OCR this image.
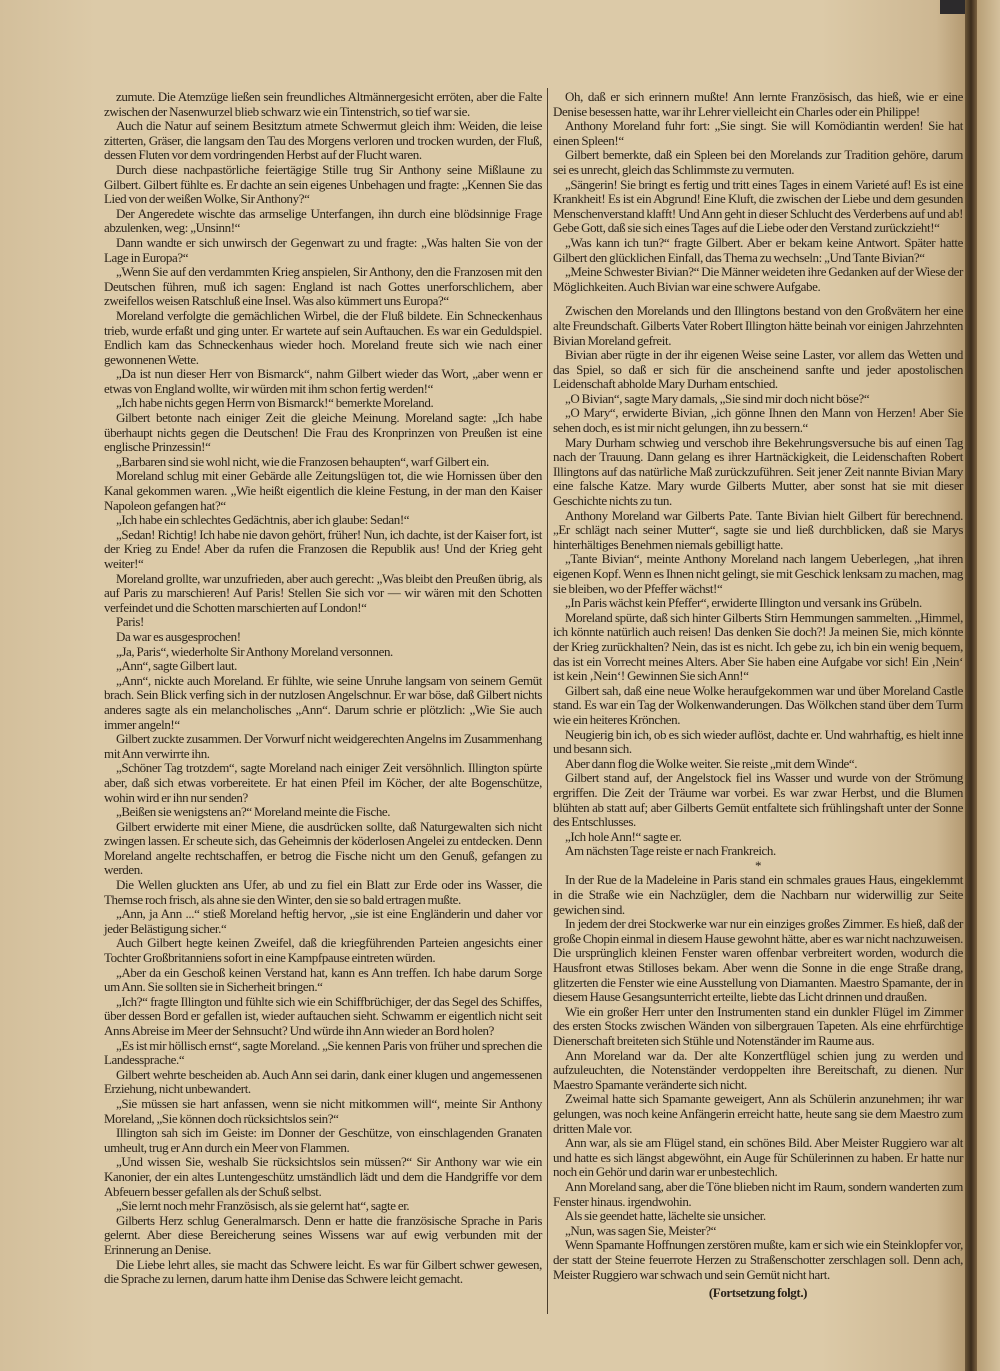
zumute. Die Atemzüge ließen sein freundliches Altmännergesicht erröten, aber die Falte zwischen der Nasenwurzel blieb schwarz wie ein Tintenstrich, so tief war sie.

Auch die Natur auf seinem Besitztum atmete Schwermut gleich ihm: Weiden, die leise zitterten, Gräser, die langsam den Tau des Morgens verloren und trocken wurden, der Fluß, dessen Fluten vor dem vordringenden Herbst auf der Flucht waren.

Durch diese nachpastörliche feiertägige Stille trug Sir Anthony seine Mißlaune zu Gilbert. Gilbert fühlte es. Er dachte an sein eigenes Unbehagen und fragte: „Kennen Sie das Lied von der weißen Wolke, Sir Anthony?“

Der Angeredete wischte das armselige Unterfangen, ihn durch eine blödsinnige Frage abzulenken, weg: „Unsinn!“

Dann wandte er sich unwirsch der Gegenwart zu und fragte: „Was halten Sie von der Lage in Europa?“

„Wenn Sie auf den verdammten Krieg anspielen, Sir Anthony, den die Franzosen mit den Deutschen führen, muß ich sagen: England ist nach Gottes unerforschlichem, aber zweifellos weisen Ratschluß eine Insel. Was also kümmert uns Europa?“

Moreland verfolgte die gemächlichen Wirbel, die der Fluß bildete. Ein Schneckenhaus trieb, wurde erfaßt und ging unter. Er wartete auf sein Auftauchen. Es war ein Geduldspiel. Endlich kam das Schneckenhaus wieder hoch. Moreland freute sich wie nach einer gewonnenen Wette.

„Da ist nun dieser Herr von Bismarck“, nahm Gilbert wieder das Wort, „aber wenn er etwas von England wollte, wir würden mit ihm schon fertig werden!“

„Ich habe nichts gegen Herrn von Bismarck!“ bemerkte Moreland.

Gilbert betonte nach einiger Zeit die gleiche Meinung. Moreland sagte: „Ich habe überhaupt nichts gegen die Deutschen! Die Frau des Kronprinzen von Preußen ist eine englische Prinzessin!“

„Barbaren sind sie wohl nicht, wie die Franzosen behaupten“, warf Gilbert ein.

Moreland schlug mit einer Gebärde alle Zeitungslügen tot, die wie Hornissen über den Kanal gekommen waren. „Wie heißt eigentlich die kleine Festung, in der man den Kaiser Napoleon gefangen hat?“

„Ich habe ein schlechtes Gedächtnis, aber ich glaube: Sedan!“

„Sedan! Richtig! Ich habe nie davon gehört, früher! Nun, ich dachte, ist der Kaiser fort, ist der Krieg zu Ende! Aber da rufen die Franzosen die Republik aus! Und der Krieg geht weiter!“

Moreland grollte, war unzufrieden, aber auch gerecht: „Was bleibt den Preußen übrig, als auf Paris zu marschieren! Auf Paris! Stellen Sie sich vor — wir wären mit den Schotten verfeindet und die Schotten marschierten auf London!“

Paris!

Da war es ausgesprochen!

„Ja, Paris“, wiederholte Sir Anthony Moreland versonnen.

„Ann“, sagte Gilbert laut.

„Ann“, nickte auch Moreland. Er fühlte, wie seine Unruhe langsam von seinem Gemüt brach. Sein Blick verfing sich in der nutzlosen Angelschnur. Er war böse, daß Gilbert nichts anderes sagte als ein melancholisches „Ann“. Darum schrie er plötzlich: „Wie Sie auch immer angeln!“

Gilbert zuckte zusammen. Der Vorwurf nicht weidgerechten Angelns im Zusammenhang mit Ann verwirrte ihn.

„Schöner Tag trotzdem“, sagte Moreland nach einiger Zeit versöhnlich. Illington spürte aber, daß sich etwas vorbereitete. Er hat einen Pfeil im Köcher, der alte Bogenschütze, wohin wird er ihn nur senden?

„Beißen sie wenigstens an?“ Moreland meinte die Fische.

Gilbert erwiderte mit einer Miene, die ausdrücken sollte, daß Naturgewalten sich nicht zwingen lassen. Er scheute sich, das Geheimnis der köderlosen Angelei zu entdecken. Denn Moreland angelte rechtschaffen, er betrog die Fische nicht um den Genuß, gefangen zu werden.

Die Wellen gluckten ans Ufer, ab und zu fiel ein Blatt zur Erde oder ins Wasser, die Themse roch frisch, als ahne sie den Winter, den sie so bald ertragen mußte.

„Ann, ja Ann ...“ stieß Moreland heftig hervor, „sie ist eine Engländerin und daher vor jeder Belästigung sicher.“

Auch Gilbert hegte keinen Zweifel, daß die kriegführenden Parteien angesichts einer Tochter Großbritanniens sofort in eine Kampfpause eintreten würden.

„Aber da ein Geschoß keinen Verstand hat, kann es Ann treffen. Ich habe darum Sorge um Ann. Sie sollten sie in Sicherheit bringen.“

„Ich?“ fragte Illington und fühlte sich wie ein Schiffbrüchiger, der das Segel des Schiffes, über dessen Bord er gefallen ist, wieder auftauchen sieht. Schwamm er eigentlich nicht seit Anns Abreise im Meer der Sehnsucht? Und würde ihn Ann wieder an Bord holen?

„Es ist mir höllisch ernst“, sagte Moreland. „Sie kennen Paris von früher und sprechen die Landessprache.“

Gilbert wehrte bescheiden ab. Auch Ann sei darin, dank einer klugen und angemessenen Erziehung, nicht unbewandert.

„Sie müssen sie hart anfassen, wenn sie nicht mitkommen will“, meinte Sir Anthony Moreland, „Sie können doch rücksichtslos sein?“

Illington sah sich im Geiste: im Donner der Geschütze, von einschlagenden Granaten umheult, trug er Ann durch ein Meer von Flammen.

„Und wissen Sie, weshalb Sie rücksichtslos sein müssen?“ Sir Anthony war wie ein Kanonier, der ein altes Luntengeschütz umständlich lädt und dem die Handgriffe vor dem Abfeuern besser gefallen als der Schuß selbst.

„Sie lernt noch mehr Französisch, als sie gelernt hat“, sagte er.

Gilberts Herz schlug Generalmarsch. Denn er hatte die französische Sprache in Paris gelernt. Aber diese Bereicherung seines Wissens war auf ewig verbunden mit der Erinnerung an Denise.

Die Liebe lehrt alles, sie macht das Schwere leicht. Es war für Gilbert schwer gewesen, die Sprache zu lernen, darum hatte ihm Denise das Schwere leicht gemacht.

Oh, daß er sich erinnern mußte! Ann lernte Französisch, das hieß, wie er eine Denise besessen hatte, war ihr Lehrer vielleicht ein Charles oder ein Philippe!

Anthony Moreland fuhr fort: „Sie singt. Sie will Komödiantin werden! Sie hat einen Spleen!“

Gilbert bemerkte, daß ein Spleen bei den Morelands zur Tradition gehöre, darum sei es unrecht, gleich das Schlimmste zu vermuten.

„Sängerin! Sie bringt es fertig und tritt eines Tages in einem Varieté auf! Es ist eine Krankheit! Es ist ein Abgrund! Eine Kluft, die zwischen der Liebe und dem gesunden Menschenverstand klafft! Und Ann geht in dieser Schlucht des Verderbens auf und ab! Gebe Gott, daß sie sich eines Tages auf die Liebe oder den Verstand zurückzieht!“

„Was kann ich tun?“ fragte Gilbert. Aber er bekam keine Antwort. Später hatte Gilbert den glücklichen Einfall, das Thema zu wechseln: „Und Tante Bivian?“

„Meine Schwester Bivian?“ Die Männer weideten ihre Gedanken auf der Wiese der Möglichkeiten. Auch Bivian war eine schwere Aufgabe.

Zwischen den Morelands und den Illingtons bestand von den Großvätern her eine alte Freundschaft. Gilberts Vater Robert Illington hätte beinah vor einigen Jahrzehnten Bivian Moreland gefreit.

Bivian aber rügte in der ihr eigenen Weise seine Laster, vor allem das Wetten und das Spiel, so daß er sich für die anscheinend sanfte und jeder apostolischen Leidenschaft abholde Mary Durham entschied.

„O Bivian“, sagte Mary damals, „Sie sind mir doch nicht böse?“

„O Mary“, erwiderte Bivian, „ich gönne Ihnen den Mann von Herzen! Aber Sie sehen doch, es ist mir nicht gelungen, ihn zu bessern.“

Mary Durham schwieg und verschob ihre Bekehrungsversuche bis auf einen Tag nach der Trauung. Dann gelang es ihrer Hartnäckigkeit, die Leidenschaften Robert Illingtons auf das natürliche Maß zurückzuführen. Seit jener Zeit nannte Bivian Mary eine falsche Katze. Mary wurde Gilberts Mutter, aber sonst hat sie mit dieser Geschichte nichts zu tun.

Anthony Moreland war Gilberts Pate. Tante Bivian hielt Gilbert für berechnend. „Er schlägt nach seiner Mutter“, sagte sie und ließ durchblicken, daß sie Marys hinterhältiges Benehmen niemals gebilligt hatte.

„Tante Bivian“, meinte Anthony Moreland nach langem Ueberlegen, „hat ihren eigenen Kopf. Wenn es Ihnen nicht gelingt, sie mit Geschick lenksam zu machen, mag sie bleiben, wo der Pfeffer wächst!“

„In Paris wächst kein Pfeffer“, erwiderte Illington und versank ins Grübeln.

Moreland spürte, daß sich hinter Gilberts Stirn Hemmungen sammelten. „Himmel, ich könnte natürlich auch reisen! Das denken Sie doch?! Ja meinen Sie, mich könnte der Krieg zurückhalten? Nein, das ist es nicht. Ich gebe zu, ich bin ein wenig bequem, das ist ein Vorrecht meines Alters. Aber Sie haben eine Aufgabe vor sich! Ein ‚Nein‘ ist kein ‚Nein‘! Gewinnen Sie sich Ann!“

Gilbert sah, daß eine neue Wolke heraufgekommen war und über Moreland Castle stand. Es war ein Tag der Wolkenwanderungen. Das Wölkchen stand über dem Turm wie ein heiteres Krönchen.

Neugierig bin ich, ob es sich wieder auflöst, dachte er. Und wahrhaftig, es hielt inne und besann sich.

Aber dann flog die Wolke weiter. Sie reiste „mit dem Winde“.

Gilbert stand auf, der Angelstock fiel ins Wasser und wurde von der Strömung ergriffen. Die Zeit der Träume war vorbei. Es war zwar Herbst, und die Blumen blühten ab statt auf; aber Gilberts Gemüt entfaltete sich frühlingshaft unter der Sonne des Entschlusses.

„Ich hole Ann!“ sagte er.

Am nächsten Tage reiste er nach Frankreich.

*

In der Rue de la Madeleine in Paris stand ein schmales graues Haus, eingeklemmt in die Straße wie ein Nachzügler, dem die Nachbarn nur widerwillig zur Seite gewichen sind.

In jedem der drei Stockwerke war nur ein einziges großes Zimmer. Es hieß, daß der große Chopin einmal in diesem Hause gewohnt hätte, aber es war nicht nachzuweisen. Die ursprünglich kleinen Fenster waren offenbar verbreitert worden, wodurch die Hausfront etwas Stilloses bekam. Aber wenn die Sonne in die enge Straße drang, glitzerten die Fenster wie eine Ausstellung von Diamanten. Maestro Spamante, der in diesem Hause Gesangsunterricht erteilte, liebte das Licht drinnen und draußen.

Wie ein großer Herr unter den Instrumenten stand ein dunkler Flügel im Zimmer des ersten Stocks zwischen Wänden von silbergrauen Tapeten. Als eine ehrfürchtige Dienerschaft breiteten sich Stühle und Notenständer im Raume aus.

Ann Moreland war da. Der alte Konzertflügel schien jung zu werden und aufzuleuchten, die Notenständer verdoppelten ihre Bereitschaft, zu dienen. Nur Maestro Spamante veränderte sich nicht.

Zweimal hatte sich Spamante geweigert, Ann als Schülerin anzunehmen; ihr war gelungen, was noch keine Anfängerin erreicht hatte, heute sang sie dem Maestro zum dritten Male vor.

Ann war, als sie am Flügel stand, ein schönes Bild. Aber Meister Ruggiero war alt und hatte es sich längst abgewöhnt, ein Auge für Schülerinnen zu haben. Er hatte nur noch ein Gehör und darin war er unbestechlich.

Ann Moreland sang, aber die Töne blieben nicht im Raum, sondern wanderten zum Fenster hinaus. irgendwohin.

Als sie geendet hatte, lächelte sie unsicher.

„Nun, was sagen Sie, Meister?“

Wenn Spamante Hoffnungen zerstören mußte, kam er sich wie ein Steinklopfer vor, der statt der Steine feuerrote Herzen zu Straßenschotter zerschlagen soll. Denn ach, Meister Ruggiero war schwach und sein Gemüt nicht hart.

(Fortsetzung folgt.)
